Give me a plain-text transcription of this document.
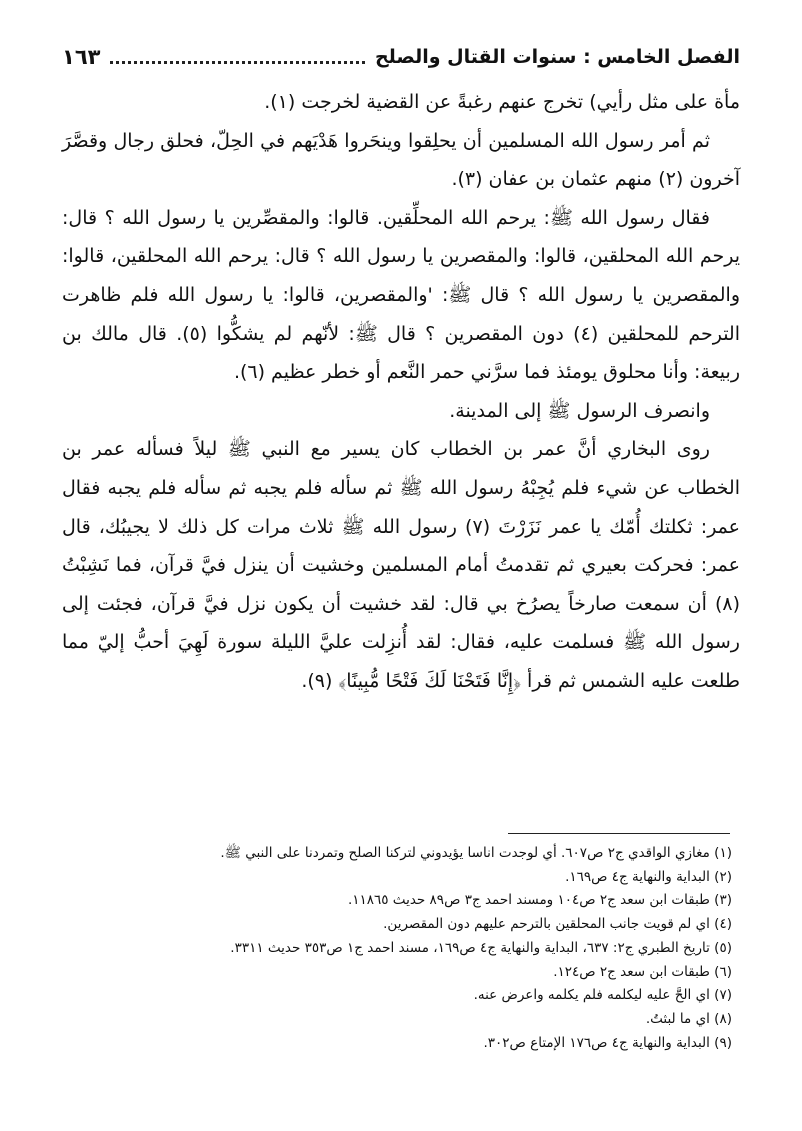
الفصل الخامس : سنوات القتال والصلح
١٦٣

مأة على مثل رأيي) تخرج عنهم رغبةً عن القضية لخرجت (١).

ثم أمر رسول الله المسلمين أن يحلِقوا وينحَروا هَدْيَهم في الحِلّ، فحلق رجال وقصَّرَ آخرون (٢) منهم عثمان بن عفان (٣).

فقال رسول الله ﷺ: يرحم الله المحلِّقين. قالوا: والمقصِّرين يا رسول الله ؟ قال: يرحم الله المحلقين، قالوا: والمقصرين يا رسول الله ؟ قال: يرحم الله المحلقين، قالوا: والمقصرين يا رسول الله ؟ قال ﷺ: 'والمقصرين، قالوا: يا رسول الله فلم ظاهرت الترحم للمحلقين (٤) دون المقصرين ؟ قال ﷺ: لأنّهم لم يشكُّوا (٥). قال مالك بن ربيعة: وأنا محلوق يومئذ فما سرَّني حمر النَّعم أو خطر عظيم (٦).

وانصرف الرسول ﷺ إلى المدينة.

روى البخاري أنَّ عمر بن الخطاب كان يسير مع النبي ﷺ ليلاً فسأله عمر بن الخطاب عن شيء فلم يُجِبْهُ رسول الله ﷺ ثم سأله فلم يجبه ثم سأله فلم يجبه فقال عمر: ثكلتك أُمّك يا عمر نَزَرْتَ (٧) رسول الله ﷺ ثلاث مرات كل ذلك لا يجيبُك، قال عمر: فحركت بعيري ثم تقدمتُ أمام المسلمين وخشيت أن ينزل فيَّ قرآن، فما نَشِبْتُ (٨) أن سمعت صارخاً يصرُخ بي قال: لقد خشيت أن يكون نزل فيَّ قرآن، فجئت إلى رسول الله ﷺ فسلمت عليه، فقال: لقد أُنزِلت عليَّ الليلة سورة لَهِيَ أحبُّ إليّ مما طلعت عليه الشمس ثم قرأ ﴿إِنَّا فَتَحْنَا لَكَ فَتْحًا مُّبِينًا﴾ (٩).

(١) مغازي الواقدي ج٢ ص٦٠٧. أي لوجدت اناسا يؤيدوني لتركنا الصلح وتمردنا على النبي ﷺ.

(٢) البداية والنهاية ج٤ ص١٦٩.

(٣) طبقات ابن سعد ج٢ ص١٠٤ ومسند احمد ج٣ ص٨٩ حديث ١١٨٦٥.

(٤) اي لم قويت جانب المحلقين بالترحم عليهم دون المقصرين.

(٥) تاريخ الطبري ج٢: ٦٣٧، البداية والنهاية ج٤ ص١٦٩، مسند احمد ج١ ص٣٥٣ حديث ٣٣١١.

(٦) طبقات ابن سعد ج٢ ص١٢٤.

(٧) اي الحَّ عليه ليكلمه فلم يكلمه واعرض عنه.

(٨) اي ما لبثتُ.

(٩) البداية والنهاية ج٤ ص١٧٦ الإمتاع ص٣٠٢.
